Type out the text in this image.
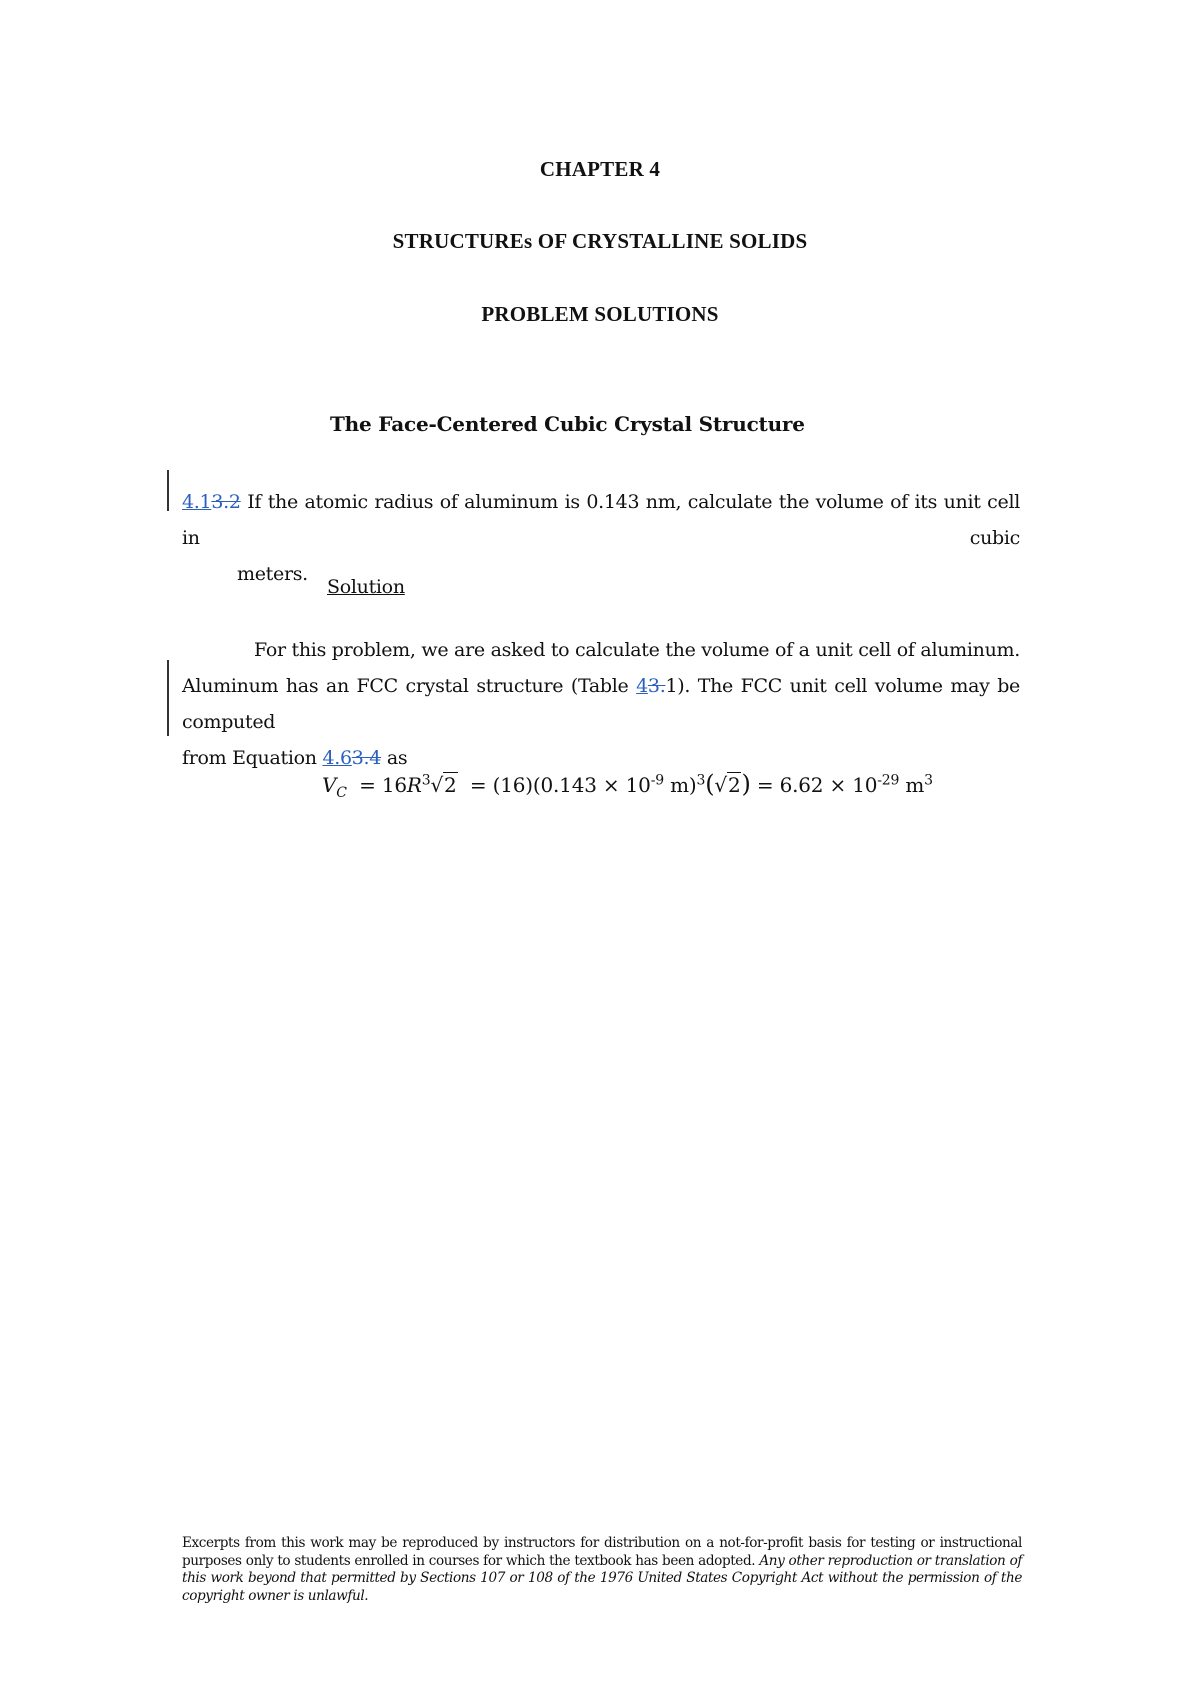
CHAPTER 4
STRUCTUREs OF CRYSTALLINE SOLIDS
PROBLEM SOLUTIONS
The Face-Centered Cubic Crystal Structure
4.13.2 If the atomic radius of aluminum is 0.143 nm, calculate the volume of its unit cell in cubic
meters.
Solution
For this problem, we are asked to calculate the volume of a unit cell of aluminum.
Aluminum has an FCC crystal structure (Table 43.1). The FCC unit cell volume may be computed
from Equation 4.63.4 as
$V_C = 16R^3√2 = (16)(0.143 \times 10^{-9}$ $m)^3(√2) = 6.62 \times 10^{-29}$ $m^3$
Excerpts from this work may be reproduced by instructors for distribution on a not-for-profit basis for testing or instructional purposes only to students enrolled in courses for which the textbook has been adopted. Any other reproduction or translation of this work beyond that permitted by Sections 107 or 108 of the 1976 United States Copyright Act without the permission of the copyright owner is unlawful.
